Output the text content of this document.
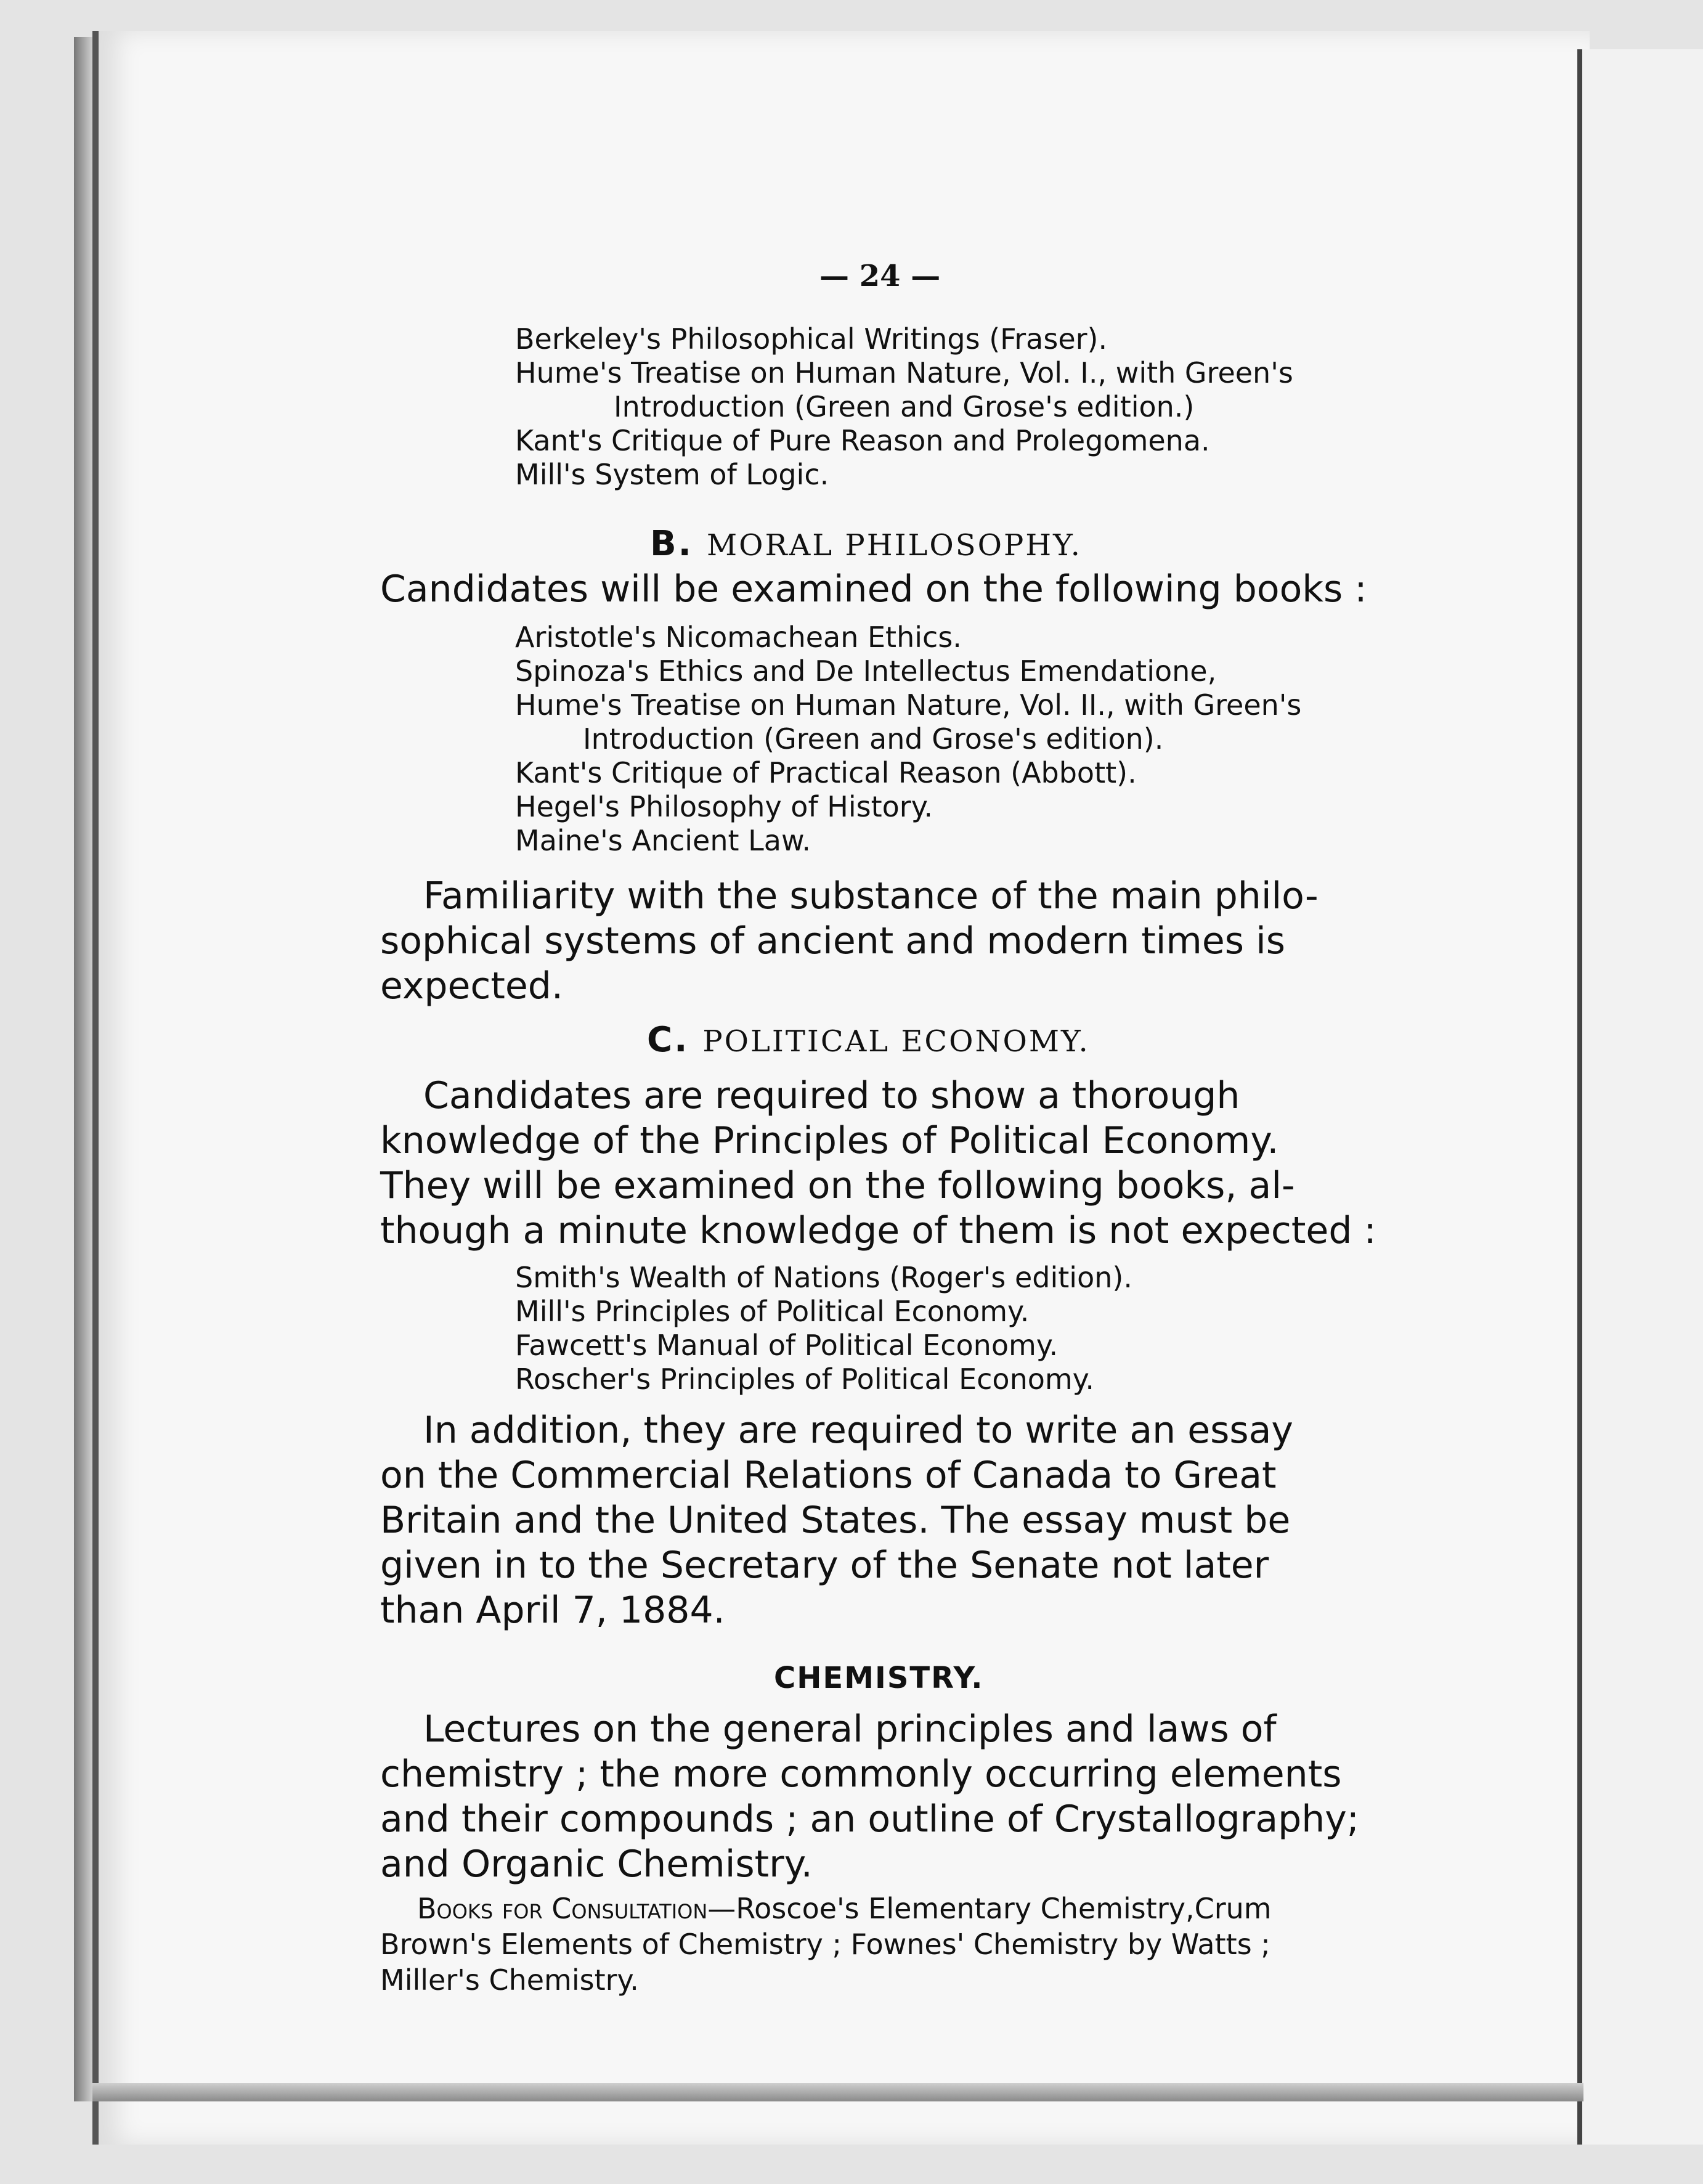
— 24 —
Berkeley's Philosophical Writings (Fraser).
Hume's Treatise on Human Nature, Vol. I., with Green's
Introduction (Green and Grose's edition.)
Kant's Critique of Pure Reason and Prolegomena.
Mill's System of Logic.
B. MORAL PHILOSOPHY.
Candidates will be examined on the following books :
Aristotle's Nicomachean Ethics.
Spinoza's Ethics and De Intellectus Emendatione,
Hume's Treatise on Human Nature, Vol. II., with Green's
Introduction (Green and Grose's edition).
Kant's Critique of Practical Reason (Abbott).
Hegel's Philosophy of History.
Maine's Ancient Law.
Familiarity with the substance of the main philo-
sophical systems of ancient and modern times is
expected.
C. POLITICAL ECONOMY.
Candidates are required to show a thorough
knowledge of the Principles of Political Economy.
They will be examined on the following books, al-
though a minute knowledge of them is not expected :
Smith's Wealth of Nations (Roger's edition).
Mill's Principles of Political Economy.
Fawcett's Manual of Political Economy.
Roscher's Principles of Political Economy.
In addition, they are required to write an essay
on the Commercial Relations of Canada to Great
Britain and the United States. The essay must be
given in to the Secretary of the Senate not later
than April 7, 1884.
CHEMISTRY.
Lectures on the general principles and laws of
chemistry ; the more commonly occurring elements
and their compounds ; an outline of Crystallography;
and Organic Chemistry.
Books for Consultation—Roscoe's Elementary Chemistry,Crum
Brown's Elements of Chemistry ; Fownes' Chemistry by Watts ;
Miller's Chemistry.
